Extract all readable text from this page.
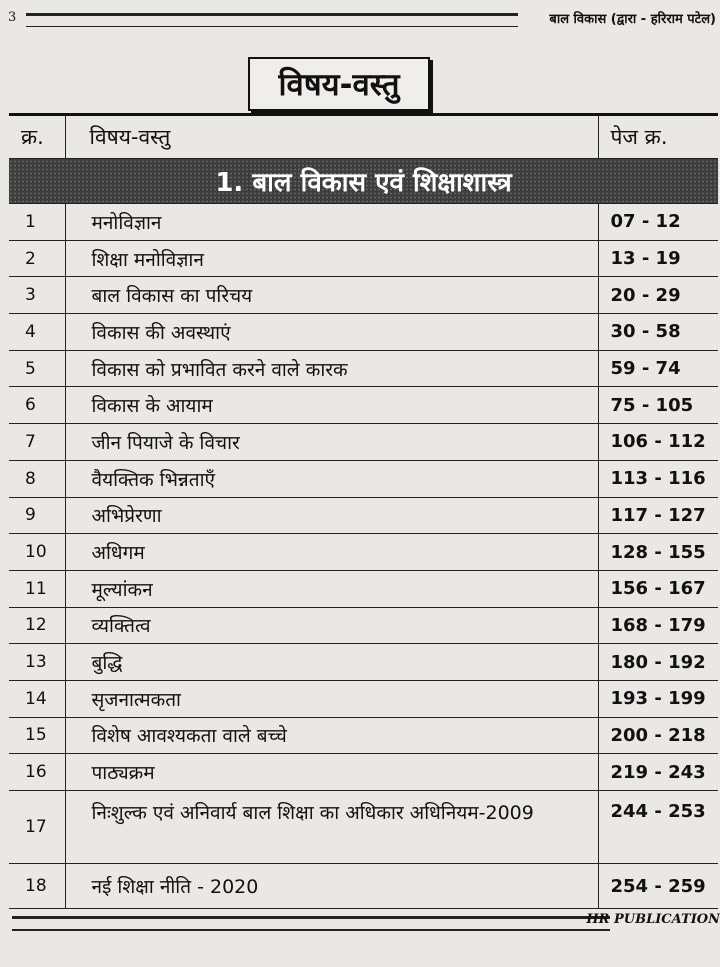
3	बाल विकास (द्वारा - हरिराम पटेल)
विषय-वस्तु
क्र.	विषय-वस्तु	पेज क्र.
1. बाल विकास एवं शिक्षाशास्त्र		
1	मनोविज्ञान	07 - 12
2	शिक्षा मनोविज्ञान	13 - 19
3	बाल विकास का परिचय	20 - 29
4	विकास की अवस्थाएं	30 - 58
5	विकास को प्रभावित करने वाले कारक	59 - 74
6	विकास के आयाम	75 - 105
7	जीन पियाजे के विचार	106 - 112
8	वैयक्तिक भिन्नताएँ	113 - 116
9	अभिप्रेरणा	117 - 127
10	अधिगम	128 - 155
11	मूल्यांकन	156 - 167
12	व्यक्तित्व	168 - 179
13	बुद्धि	180 - 192
14	सृजनात्मकता	193 - 199
15	विशेष आवश्यकता वाले बच्चे	200 - 218
16	पाठ्यक्रम	219 - 243
17	निःशुल्क एवं अनिवार्य बाल शिक्षा का अधिकार अधिनियम-2009	244 - 253
18	नई शिक्षा नीति - 2020	254 - 259
HR PUBLICATION
